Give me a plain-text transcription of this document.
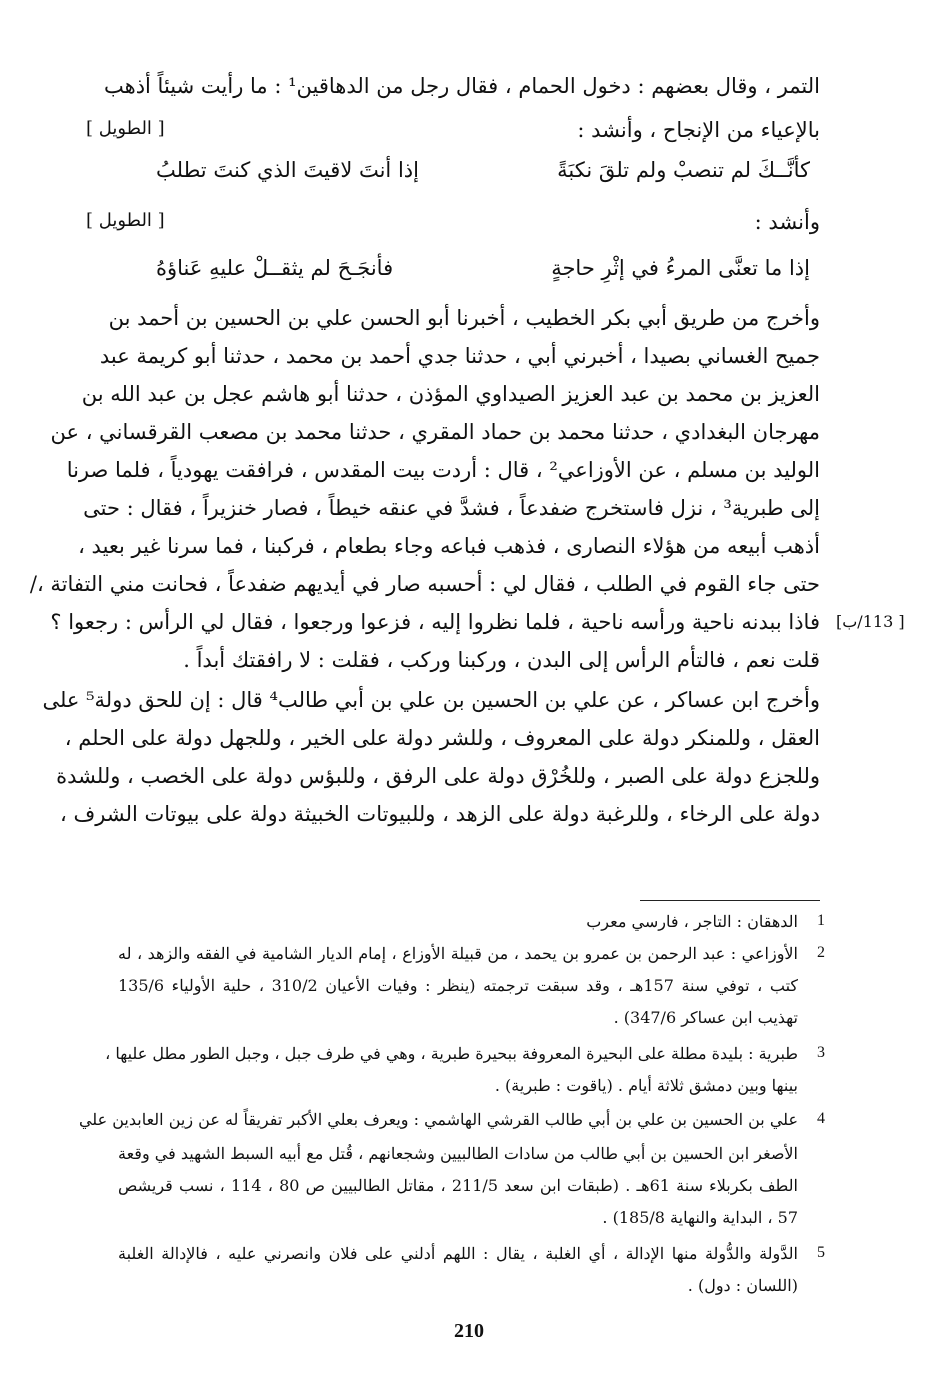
التمر ، وقال بعضهم : دخول الحمام ، فقال رجل من الدهاقين¹ : ما رأيت شيئاً أذهب
بالإعياء من الإنجاح ، وأنشد :
[ الطويل ]
كأنَّــكَ لم تنصبْ ولم تلقَ نكبَةً
إذا أنتَ لاقيتَ الذي كنتَ تطلبُ
وأنشد :
[ الطويل ]
إذا ما تعنَّى المرءُ في إثْرِ حاجةٍ
فأنجَـحَ لم يثقــلْ عليهِ عَناؤهُ
وأخرج من طريق أبي بكر الخطيب ، أخبرنا أبو الحسن علي بن الحسين بن أحمد بن
جميح الغساني بصيدا ، أخبرني أبي ، حدثنا جدي أحمد بن محمد ، حدثنا أبو كريمة عبد
العزيز بن محمد بن عبد العزيز الصيداوي المؤذن ، حدثنا أبو هاشم عجل بن عبد الله بن
مهرجان البغدادي ، حدثنا محمد بن حماد المقري ، حدثنا محمد بن مصعب القرقساني ، عن
الوليد بن مسلم ، عن الأوزاعي² ، قال : أردت بيت المقدس ، فرافقت يهودياً ، فلما صرنا
إلى طبرية³ ، نزل فاستخرج ضفدعاً ، فشدَّ في عنقه خيطاً ، فصار خنزيراً ، فقال : حتى
أذهب أبيعه من هؤلاء النصارى ، فذهب فباعه وجاء بطعام ، فركبنا ، فما سرنا غير بعيد ،
حتى جاء القوم في الطلب ، فقال لي : أحسبه صار في أيديهم ضفدعاً ، فحانت مني التفاتة ،/
فاذا ببدنه ناحية ورأسه ناحية ، فلما نظروا إليه ، فزعوا ورجعوا ، فقال لي الرأس : رجعوا ؟ [ 113/ب]
قلت نعم ، فالتأم الرأس إلى البدن ، وركبنا وركب ، فقلت : لا رافقتك أبداً .
وأخرج ابن عساكر ، عن علي بن الحسين بن علي بن أبي طالب⁴ قال : إن للحق دولة⁵ على
العقل ، وللمنكر دولة على المعروف ، وللشر دولة على الخير ، وللجهل دولة على الحلم ،
وللجزع دولة على الصبر ، وللخُرْق دولة على الرفق ، وللبؤس دولة على الخصب ، وللشدة
دولة على الرخاء ، وللرغبة دولة على الزهد ، وللبيوتات الخبيثة دولة على بيوتات الشرف ،
1
الدهقان : التاجر ، فارسي معرب
2
الأوزاعي : عبد الرحمن بن عمرو بن يحمد ، من قبيلة الأوزاع ، إمام الديار الشامية في الفقه والزهد ، له
كتب ، توفي سنة 157هـ ، وقد سبقت ترجمته (ينظر : وفيات الأعيان 310/2 ، حلية الأولياء 135/6
تهذيب ابن عساكر 347/6) .
3
طبرية : بليدة مطلة على البحيرة المعروفة ببحيرة طبرية ، وهي في طرف جبل ، وجبل الطور مطل عليها ،
بينها وبين دمشق ثلاثة أيام . (ياقوت : طبرية) .
4
علي بن الحسين بن علي بن أبي طالب القرشي الهاشمي : ويعرف بعلي الأكبر تفريقاً له عن زين العابدين علي
الأصغر ابن الحسين بن أبي طالب من سادات الطالبيين وشجعانهم ، قُتل مع أبيه السبط الشهيد في وقعة
الطف بكربلاء سنة 61هـ . (طبقات ابن سعد 211/5 ، مقاتل الطالبيين ص 80 ، 114 ، نسب قريشص
57 ، البداية والنهاية 185/8) .
5
الدَّولة والدُّولة منها الإدالة ، أي الغلبة ، يقال : اللهم أدلني على فلان وانصرني عليه ، فالإدالة الغلبة
(اللسان : دول) .
210
